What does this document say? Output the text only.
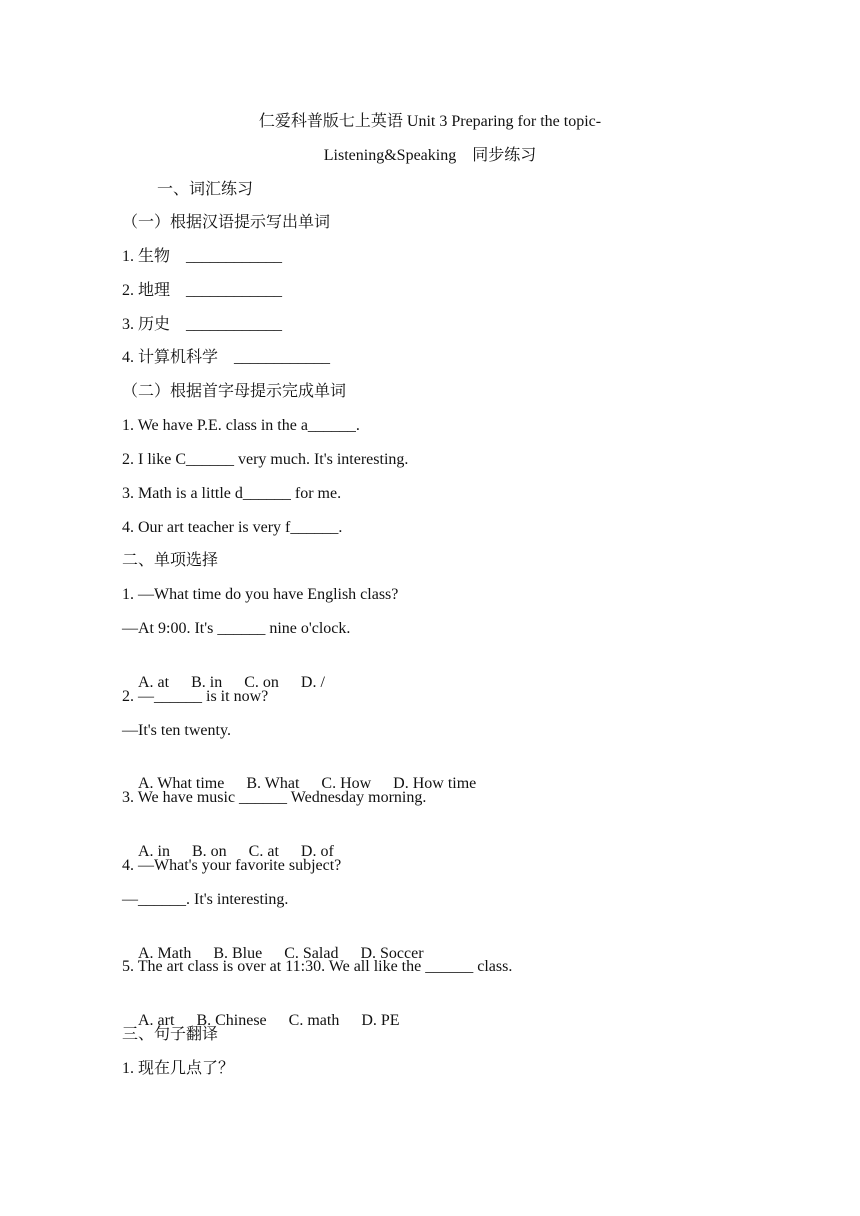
仁爱科普版七上英语 Unit 3 Preparing for the topic-
Listening&Speaking　同步练习
一、词汇练习
（一）根据汉语提示写出单词
1. 生物　____________
2. 地理　____________
3. 历史　____________
4. 计算机科学　____________
（二）根据首字母提示完成单词
1. We have P.E. class in the a______.
2. I like C______ very much. It's interesting.
3. Math is a little d______ for me.
4. Our art teacher is very f______.
二、单项选择
1. —What time do you have English class?
—At 9:00. It's ______ nine o'clock.

A. at B. in C. on D. /

2. —______ is it now?
—It's ten twenty.

A. What time B. What C. How D. How time

3. We have music ______ Wednesday morning.

A. in B. on C. at D. of

4. —What's your favorite subject?
—______. It's interesting.

A. Math B. Blue C. Salad D. Soccer

5. The art class is over at 11:30. We all like the ______ class.

A. art B. Chinese C. math D. PE

三、句子翻译
1. 现在几点了？
